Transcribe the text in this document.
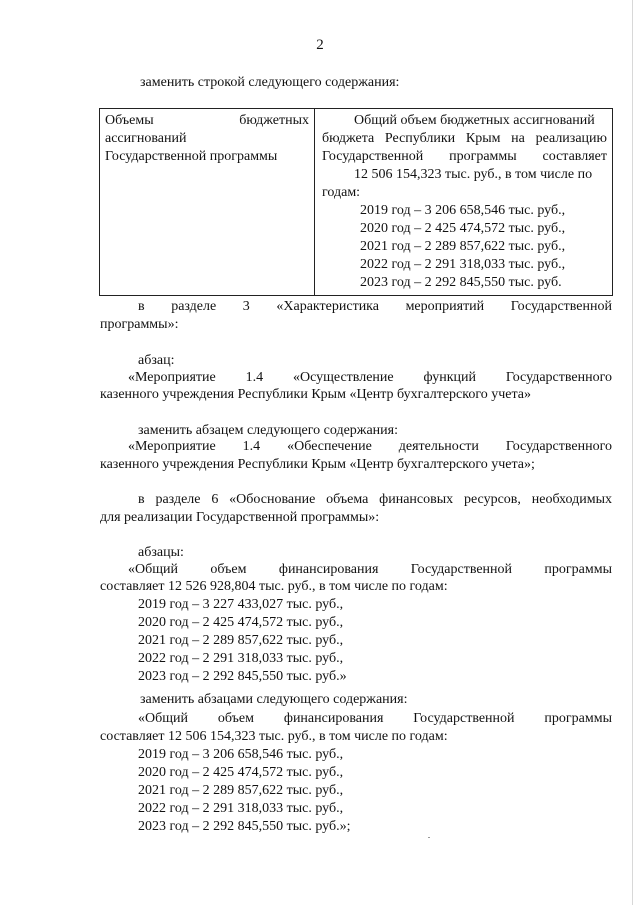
2
заменить строкой следующего содержания:
Объемы бюджетных
ассигнований
Государственной программы

Общий объем бюджетных ассигнований
бюджета Республики Крым на реализацию
Государственной программы составляет
12 506 154,323 тыс. руб., в том числе по
годам:
2019 год – 3 206 658,546 тыс. руб.,
2020 год – 2 425 474,572 тыс. руб.,
2021 год – 2 289 857,622 тыс. руб.,
2022 год – 2 291 318,033 тыс. руб.,
2023 год – 2 292 845,550 тыс. руб.
в разделе 3 «Характеристика мероприятий Государственной
программы»:
абзац:
«Мероприятие 1.4 «Осуществление функций Государственного
казенного учреждения Республики Крым «Центр бухгалтерского учета»
заменить абзацем следующего содержания:
«Мероприятие 1.4 «Обеспечение деятельности Государственного
казенного учреждения Республики Крым «Центр бухгалтерского учета»;
в разделе 6 «Обоснование объема финансовых ресурсов, необходимых
для реализации Государственной программы»:
абзацы:
«Общий объем финансирования Государственной программы
составляет 12 526 928,804 тыс. руб., в том числе по годам:
2019 год – 3 227 433,027 тыс. руб.,
2020 год – 2 425 474,572 тыс. руб.,
2021 год – 2 289 857,622 тыс. руб.,
2022 год – 2 291 318,033 тыс. руб.,
2023 год – 2 292 845,550 тыс. руб.»
заменить абзацами следующего содержания:
«Общий объем финансирования Государственной программы
составляет 12 506 154,323 тыс. руб., в том числе по годам:
2019 год – 3 206 658,546 тыс. руб.,
2020 год – 2 425 474,572 тыс. руб.,
2021 год – 2 289 857,622 тыс. руб.,
2022 год – 2 291 318,033 тыс. руб.,
2023 год – 2 292 845,550 тыс. руб.»;
